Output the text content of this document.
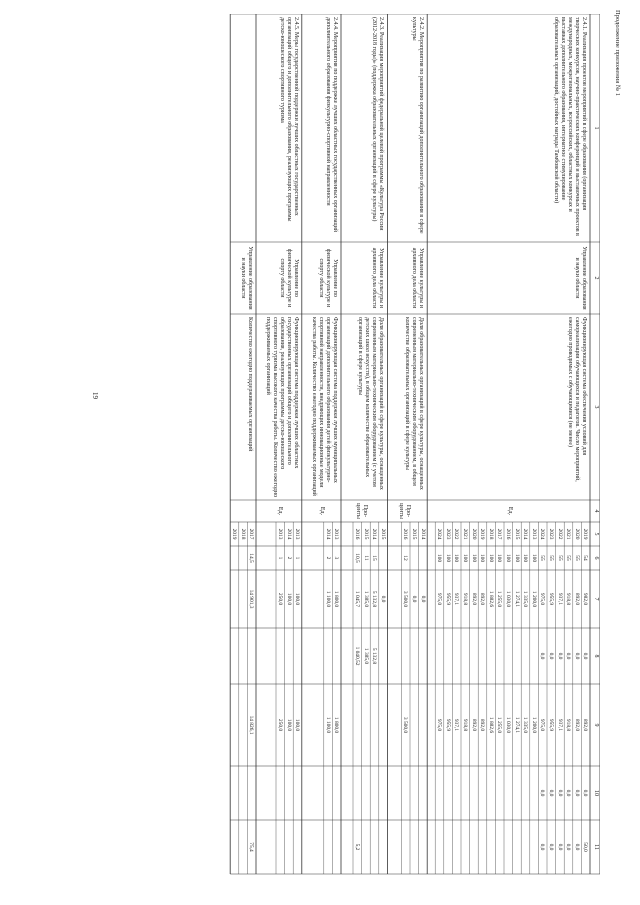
19
Продолжение приложения № 1
1
2
3
4
5
6
7
8
9
10
11
2019
54
982,0
0,0
892,0
0,0
50,0
2020
55
892,0
0,0
892,0
0,0
0,0
2021
55
918,8
0,0
918,8
0,0
0,0
2022
55
937,1
0,0
937,1
0,0
0,0
2023
55
955,9
0,0
955,9
0,0
0,0
2024
55
975,0
0,0
975,0
0,0
0,0
2013
100
1 200,0
1 200,0
2014
100
1 335,0
1 335,0
2015
100
1 274,1
1 274,1
2016
100
1 030,0
1 030,0
2017
100
1 255,0
1 255,0
2018
100
1 882,6
1 882,6
2019
100
892,0
892,0
2020
100
892,0
892,0
2021
100
918,8
918,8
2022
100
937,1
937,1
2023
100
955,9
955,9
2024
100
975,0
975,0
2.4.1. Реализация проектов мероприятий в сфере образования (организация творческих конкурсов, научно-практических конференций и выставочных проектов в международных, межрегиональных, всероссийских, областных конкурсах и выставках дополнительного образования, интернатное стимулирование образовательных организаций, достойных награды Тамбовской области)
Управление образования и науки области
Функционирующая система обеспечения условий для самореализации обучающихся и педагогов. Число мероприятий, ежегодно проводимых с обучающимися (не менее)
Ед.
2014
0,0
2015
0,0
2016
12
3 500,0
3 500,0
2.4.2. Мероприятия по развитию организаций дополнительного образования в сфере культуры
Управление культуры и архивного дела области
Доля образовательных организаций в сфере культуры, оснащенных современным материально-техническим оборудованием, в общем количестве образовательных организаций в сфере культуры
Про-центы
2015
0,0
2014
15
5 132,8
5 132,8
2015
11
1 385,0
1 385,0
2016
10,5
1 045,7
1 040,52
5,2
2.4.3. Реализация мероприятий федеральной целевой программы «Культура России (2012-2018 годы)» (поддержка образовательных организаций в сфере культуры)
Управление культуры и архивного дела области
Доля образовательных организаций в сфере культуры, оснащенных современным материально-техническим оборудованием (с учетом детских школ искусств), в общем количестве образовательных организаций в сфере культуры
Про-центы
2013
3
1 800,0
1 800,0
2014
2
1 100,0
1 100,0
2.4.4. Мероприятия по поддержке лучших областных государственных организаций дополнительного образования физкультурно-спортивной направленности
Управление по физической культуре и спорту области
Функционирующая система поддержки лучших муниципальных организаций дополнительного образования детей физкультурно-спортивной направленности, внедряющих инновационные модели качества работы. Количество ежегодно поддерживаемых организаций
Ед.
2013
1
100,0
100,0
2014
2
100,0
100,0
2013
1
250,0
250,0
2.4.5. Меры государственной поддержки лучших областных государственных организаций общего и дополнительного образования, реализующих программы детско-юношеского спортивного туризма
Управление по физической культуре и спорту области
Функционирующая система поддержки лучших областных государственных организаций общего и дополнительного образования, реализующих программы детско-юношеского спортивного туризма высокого качества работы. Количество ежегодно поддерживаемых организаций
Ед.
2017
14,5
14 901,3
14 826,1
75,4
2018
2019
Управление образования и науки области
Количество ежегодно поддерживаемых организаций
